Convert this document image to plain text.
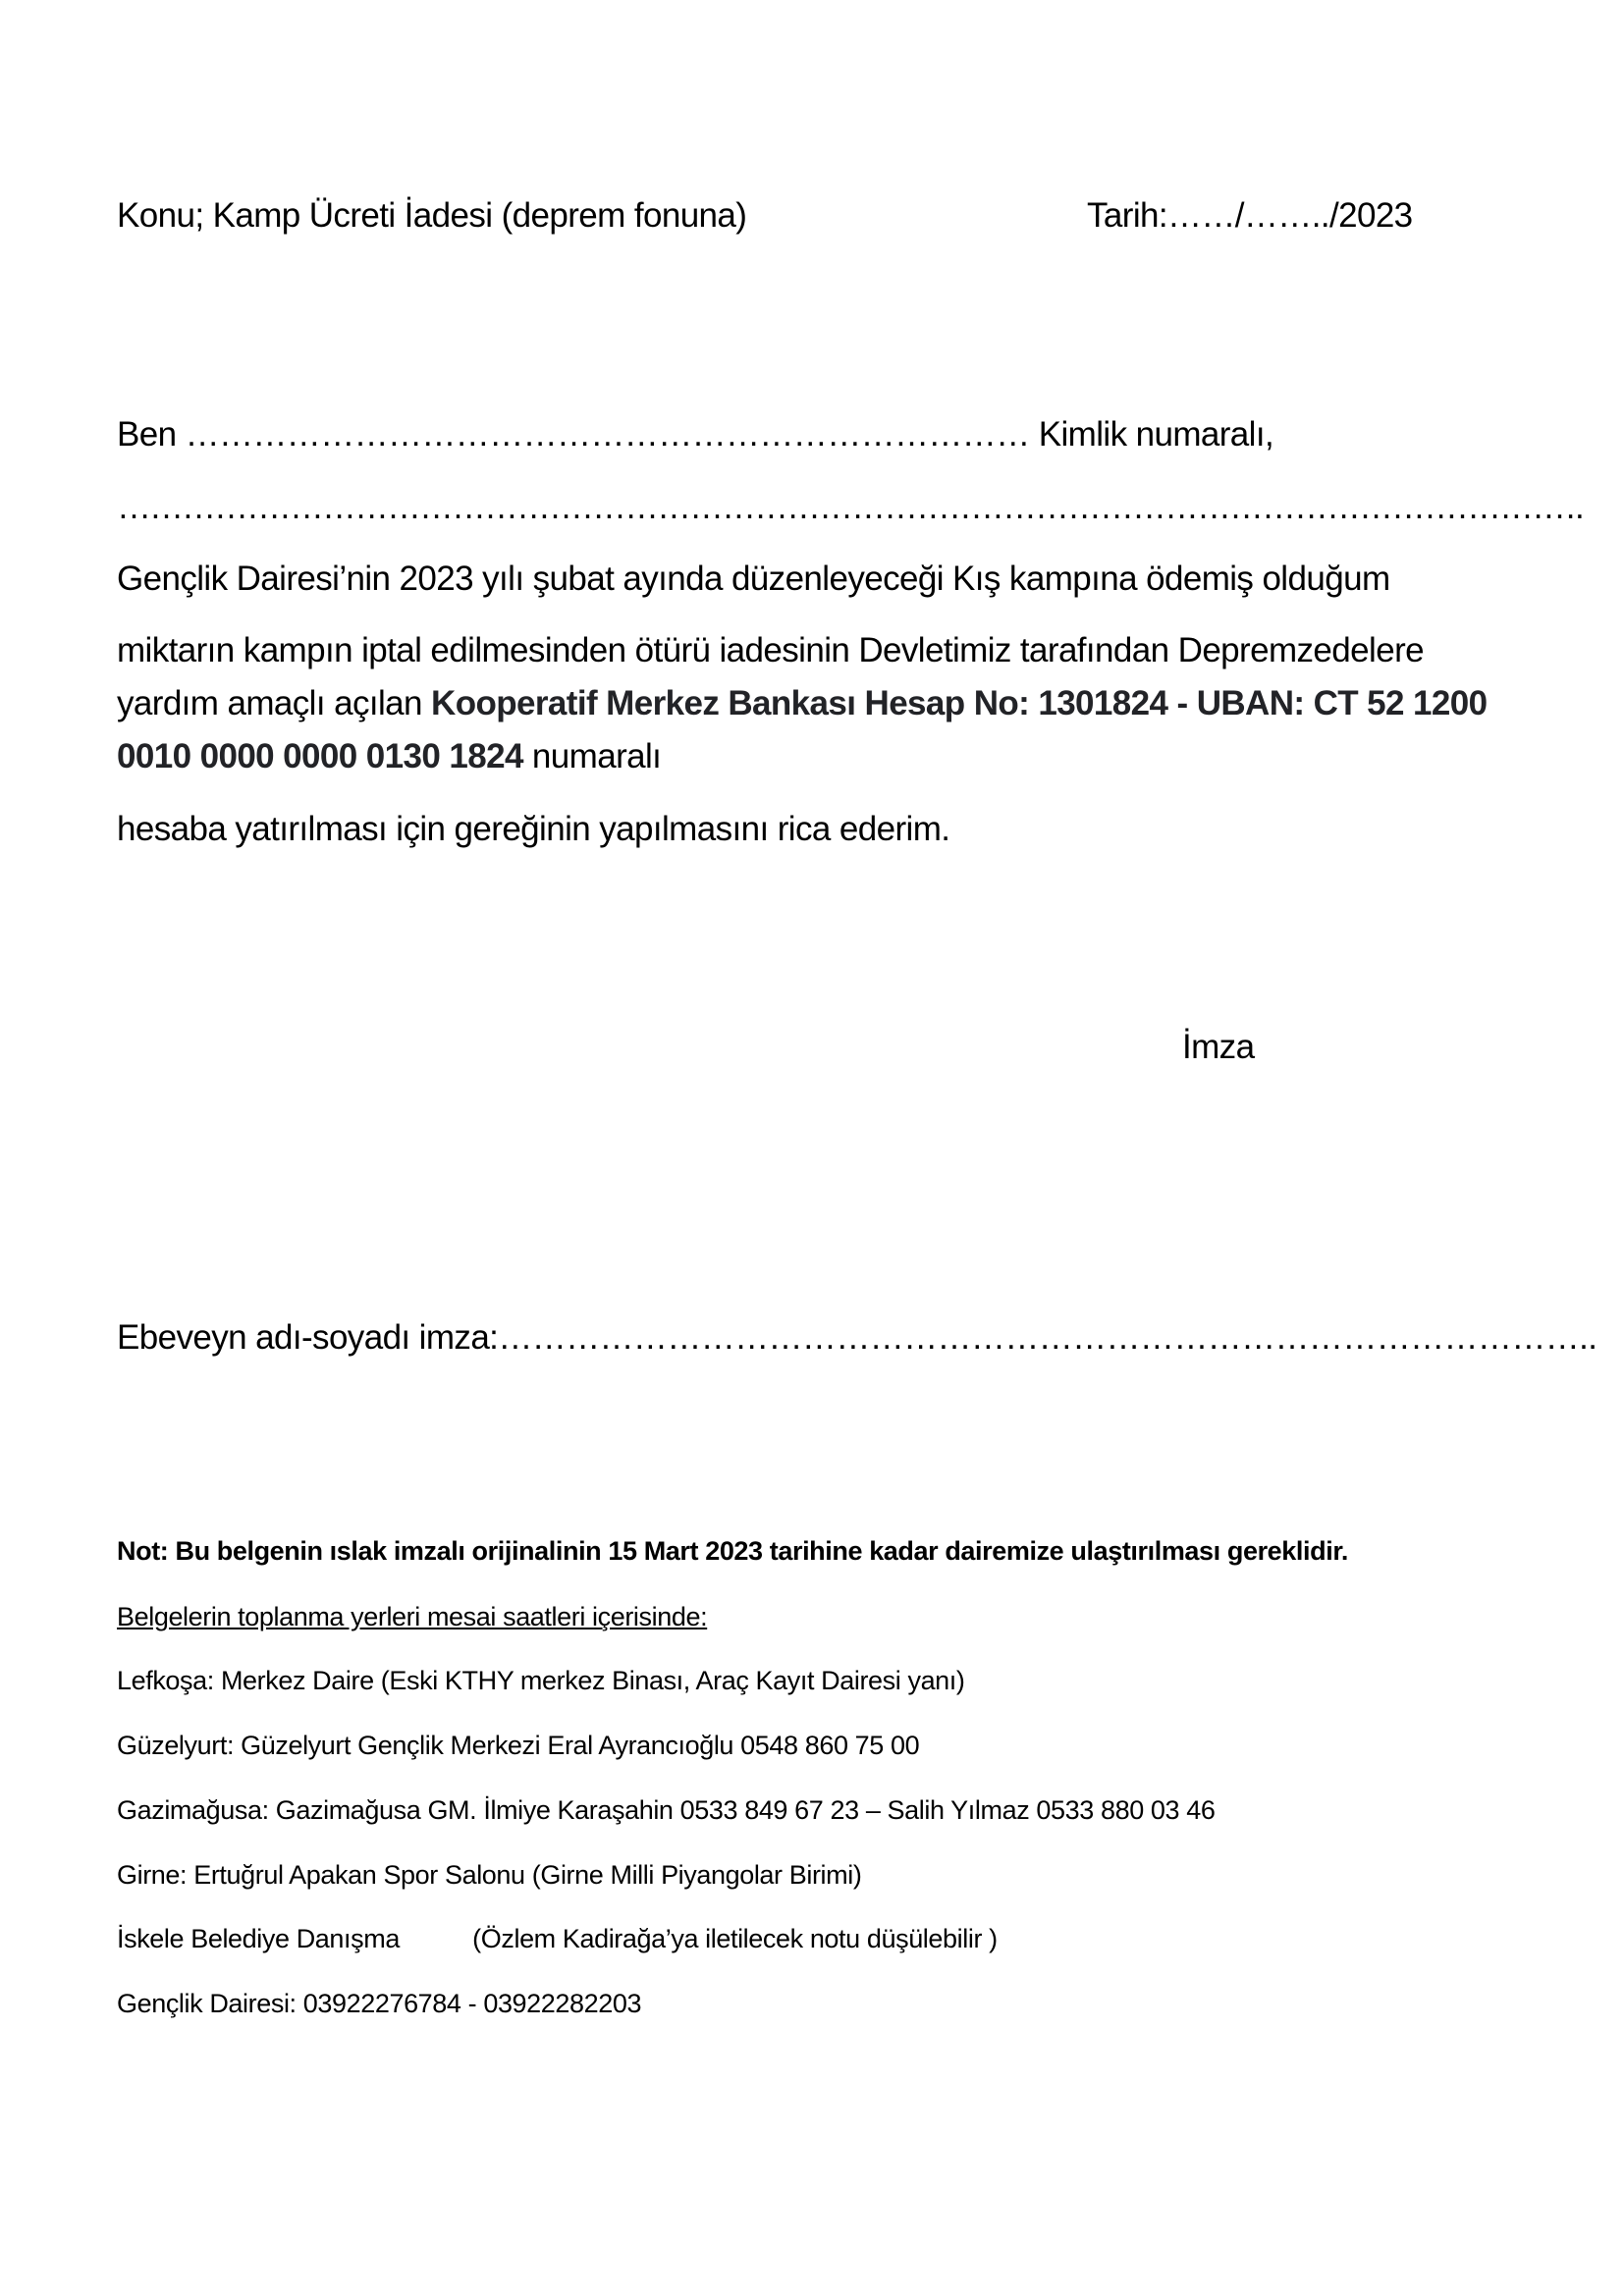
Konu; Kamp Ücreti İadesi (deprem fonuna)	Tarih:……/……../2023
Ben ………………………………………………………………… Kimlik numaralı,
……………………………………………………………………………………………………………………….
Gençlik Dairesi’nin 2023 yılı şubat ayında düzenleyeceği Kış kampına ödemiş olduğum
miktarın kampın iptal edilmesinden ötürü iadesinin Devletimiz tarafından Depremzedelere
yardım amaçlı açılan Kooperatif Merkez Bankası Hesap No: 1301824 - UBAN: CT 52 1200
0010 0000 0000 0130 1824 numaralı
hesaba yatırılması için gereğinin yapılmasını rica ederim.
İmza
Ebeveyn adı-soyadı imza:……………………………………………………………………………………..
Not: Bu belgenin ıslak imzalı orijinalinin 15 Mart 2023 tarihine kadar dairemize ulaştırılması gereklidir.
Belgelerin toplanma yerleri mesai saatleri içerisinde:
Lefkoşa: Merkez Daire (Eski KTHY merkez Binası, Araç Kayıt Dairesi yanı)
Güzelyurt: Güzelyurt Gençlik Merkezi Eral Ayrancıoğlu 0548 860 75 00
Gazimağusa: Gazimağusa GM. İlmiye Karaşahin 0533 849 67 23 – Salih Yılmaz 0533 880 03 46
Girne: Ertuğrul Apakan Spor Salonu (Girne Milli Piyangolar Birimi)
İskele Belediye Danışma	(Özlem Kadirağa’ya iletilecek notu düşülebilir )
Gençlik Dairesi: 03922276784 - 03922282203
